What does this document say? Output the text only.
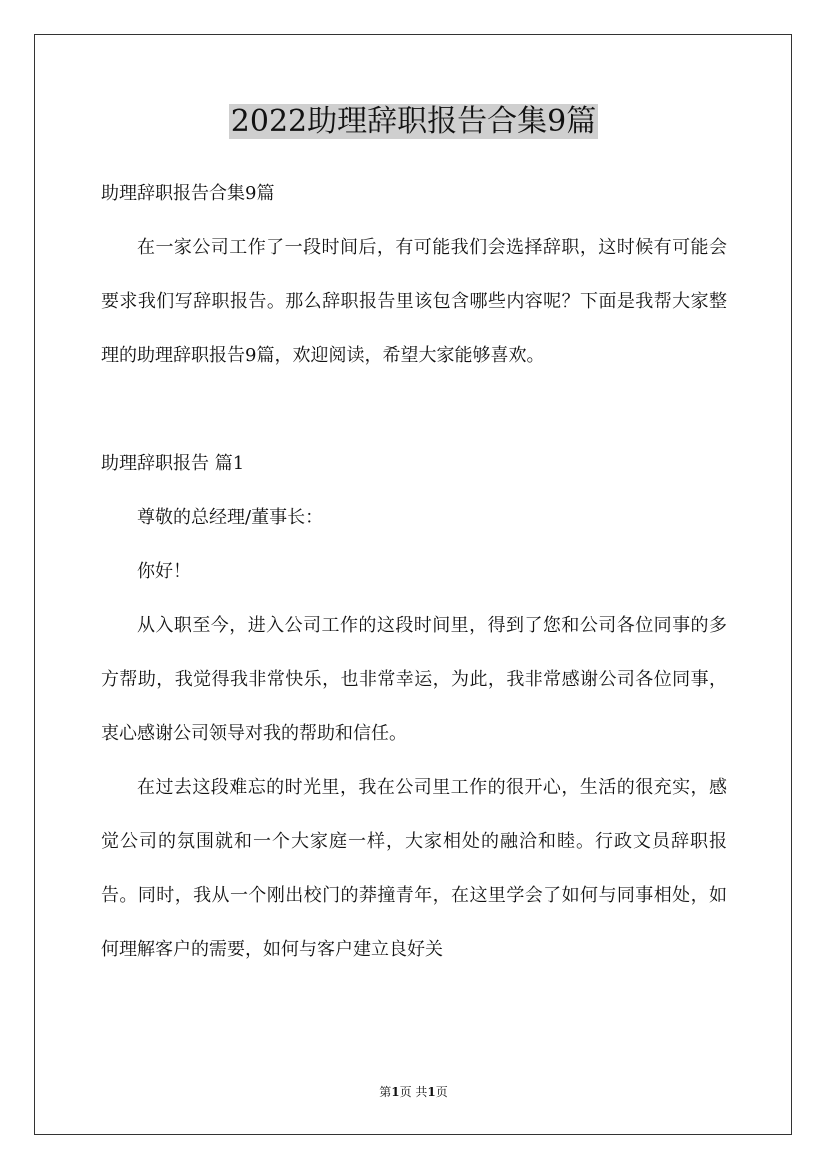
2022助理辞职报告合集9篇

助理辞职报告合集9篇

在一家公司工作了一段时间后，有可能我们会选择辞职，这时候有可能会要求我们写辞职报告。那么辞职报告里该包含哪些内容呢？下面是我帮大家整理的助理辞职报告9篇，欢迎阅读，希望大家能够喜欢。

助理辞职报告 篇1

尊敬的总经理/董事长：

你好！

从入职至今，进入公司工作的这段时间里，得到了您和公司各位同事的多方帮助，我觉得我非常快乐，也非常幸运，为此，我非常感谢公司各位同事，衷心感谢公司领导对我的帮助和信任。

在过去这段难忘的时光里，我在公司里工作的很开心，生活的很充实，感觉公司的氛围就和一个大家庭一样，大家相处的融洽和睦。行政文员辞职报告。同时，我从一个刚出校门的莽撞青年，在这里学会了如何与同事相处，如何理解客户的需要，如何与客户建立良好关

第1页 共1页
